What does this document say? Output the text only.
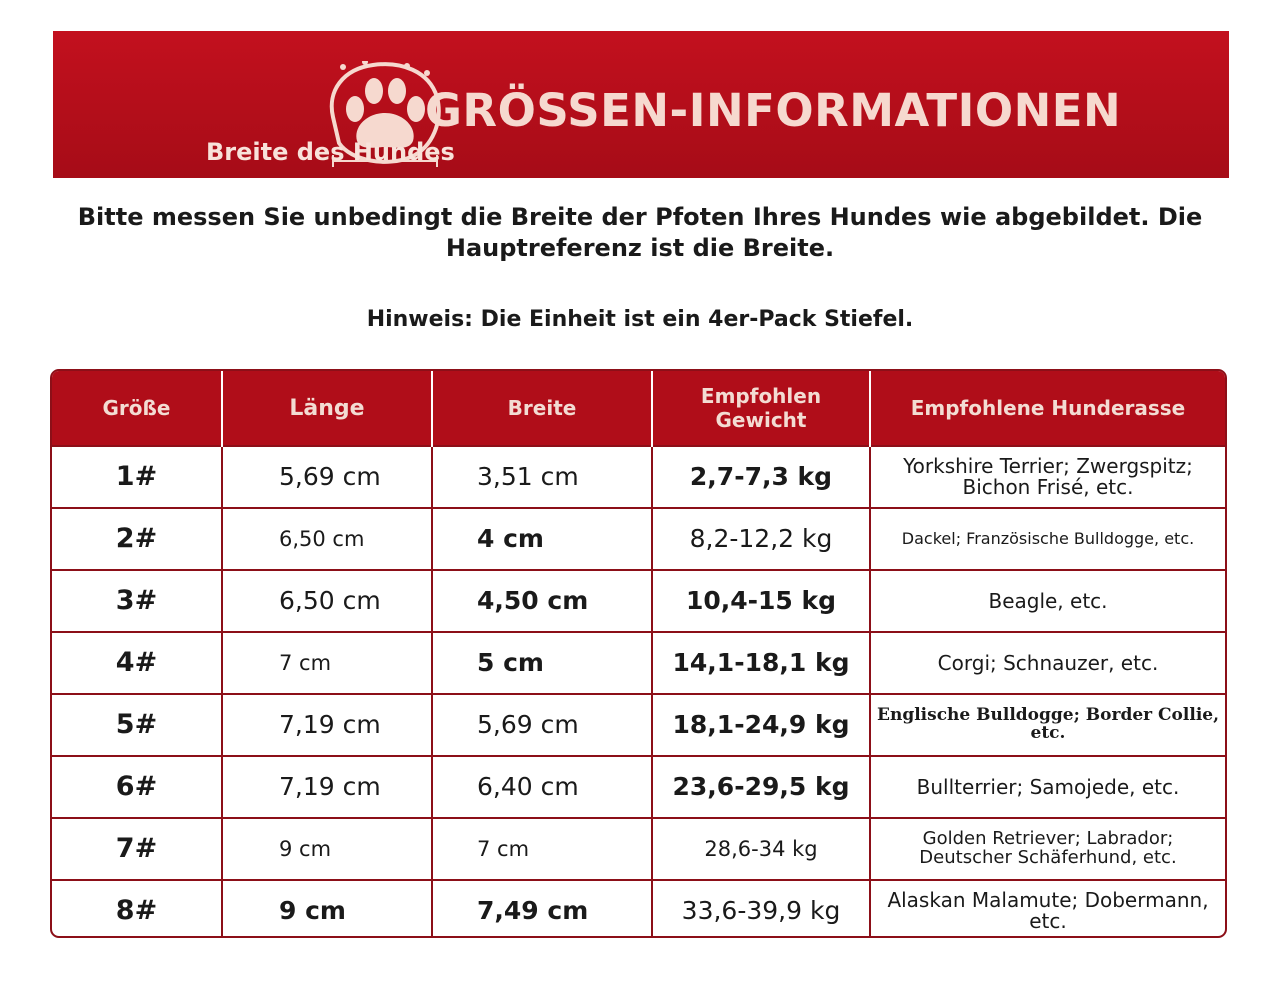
Breite des Hundes
GRÖSSEN-INFORMATIONEN
Bitte messen Sie unbedingt die Breite der Pfoten Ihres Hundes wie abgebildet. Die Hauptreferenz ist die Breite.
Hinweis: Die Einheit ist ein 4er-Pack Stiefel.
Größe	Länge	Breite	Empfohlen Gewicht	Empfohlene Hunderasse
1#	5,69 cm	3,51 cm	2,7-7,3 kg	Yorkshire Terrier; Zwergspitz; Bichon Frisé, etc.
2#	6,50 cm	4 cm	8,2-12,2 kg	Dackel; Französische Bulldogge, etc.
3#	6,50 cm	4,50 cm	10,4-15 kg	Beagle, etc.
4#	7 cm	5 cm	14,1-18,1 kg	Corgi; Schnauzer, etc.
5#	7,19 cm	5,69 cm	18,1-24,9 kg	Englische Bulldogge; Border Collie, etc.
6#	7,19 cm	6,40 cm	23,6-29,5 kg	Bullterrier; Samojede, etc.
7#	9 cm	7 cm	28,6-34 kg	Golden Retriever; Labrador; Deutscher Schäferhund, etc.
8#	9 cm	7,49 cm	33,6-39,9 kg	Alaskan Malamute; Dobermann, etc.
